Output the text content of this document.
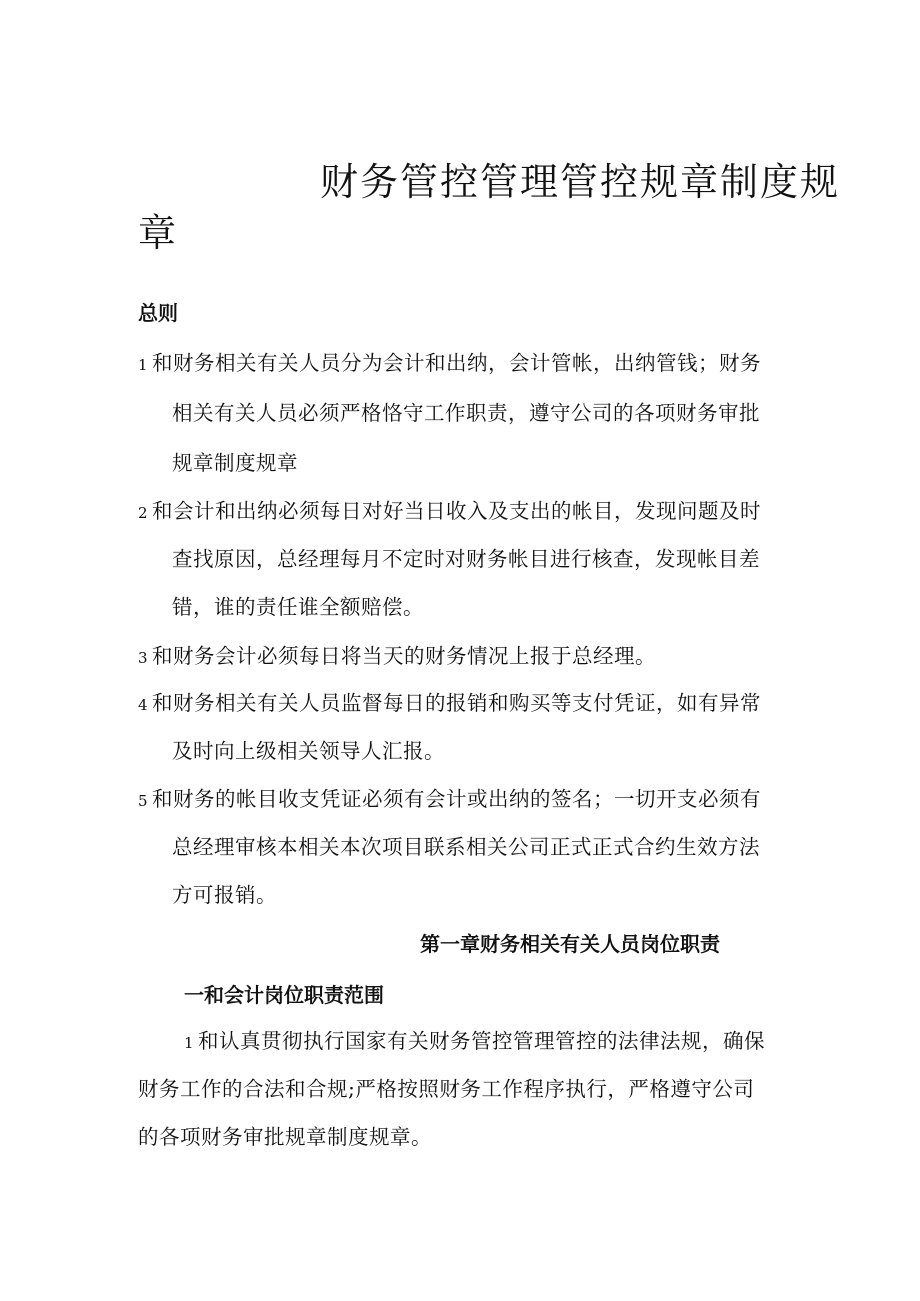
财务管控管理管控规章制度规
章
总则
1 和财务相关有关人员分为会计和出纳，会计管帐，出纳管钱；财务
相关有关人员必须严格恪守工作职责，遵守公司的各项财务审批
规章制度规章
2 和会计和出纳必须每日对好当日收入及支出的帐目，发现问题及时
查找原因，总经理每月不定时对财务帐目进行核查，发现帐目差
错，谁的责任谁全额赔偿。
3 和财务会计必须每日将当天的财务情况上报于总经理。
4 和财务相关有关人员监督每日的报销和购买等支付凭证，如有异常
及时向上级相关领导人汇报。
5 和财务的帐目收支凭证必须有会计或出纳的签名；一切开支必须有
总经理审核本相关本次项目联系相关公司正式正式合约生效方法
方可报销。
第一章财务相关有关人员岗位职责
一和会计岗位职责范围
1 和认真贯彻执行国家有关财务管控管理管控的法律法规，确保
财务工作的合法和合规;严格按照财务工作程序执行，严格遵守公司
的各项财务审批规章制度规章。
